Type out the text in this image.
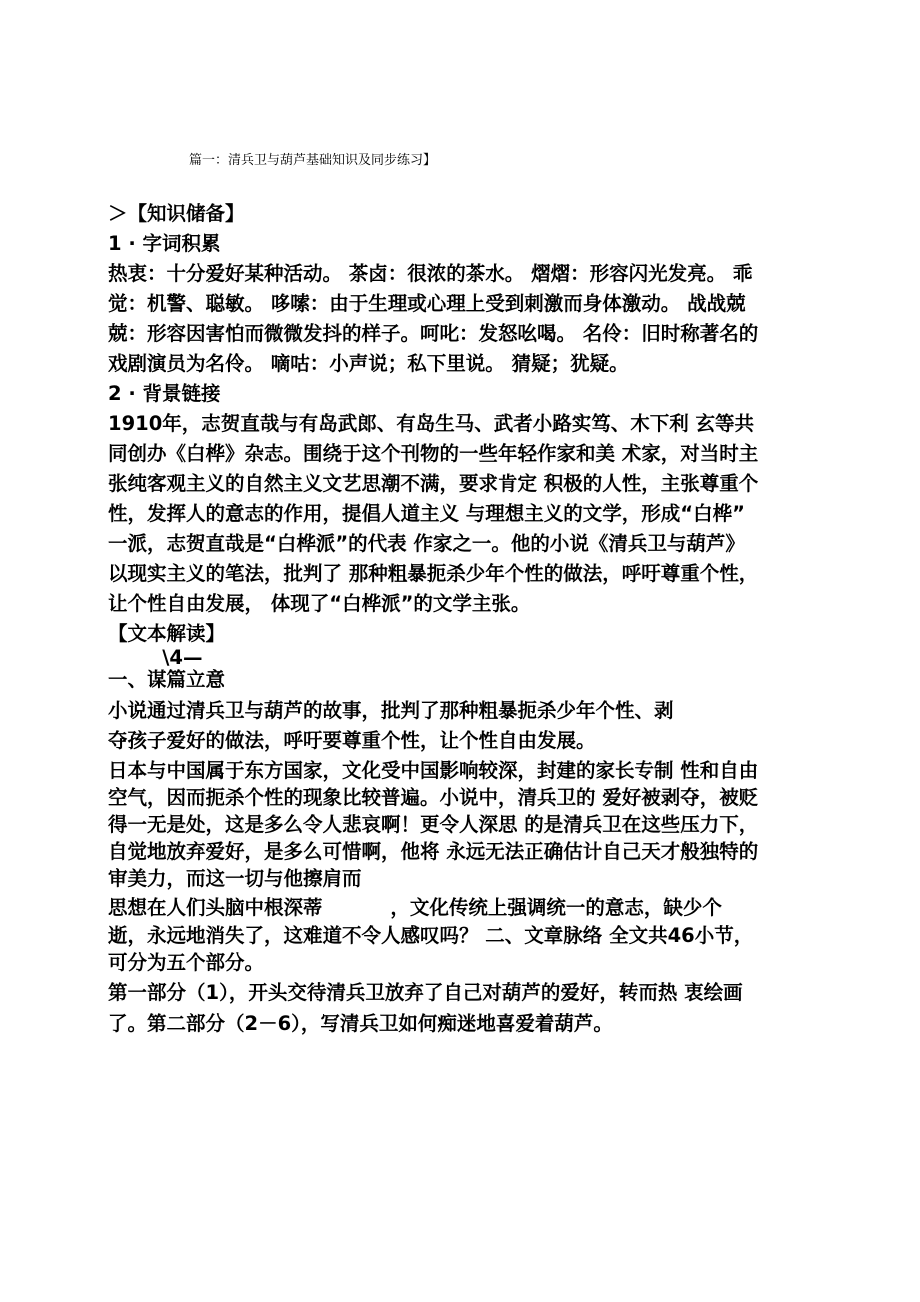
篇一：清兵卫与葫芦基础知识及同步练习】
＞【知识储备】
1 · 字词积累
热衷：十分爱好某种活动。 茶卤：很浓的茶水。 熠熠：形容闪光发亮。 乖
觉：机警、聪敏。 哆嗦：由于生理或心理上受到刺激而身体激动。 战战兢
兢：形容因害怕而微微发抖的样子。呵叱：发怒吆喝。 名伶：旧时称著名的
戏剧演员为名伶。 嘀咕：小声说；私下里说。 猜疑；犹疑。
2 · 背景链接
1910年，志贺直哉与有岛武郎、有岛生马、武者小路实笃、木下利 玄等共
同创办《白桦》杂志。围绕于这个刊物的一些年轻作家和美 术家，对当时主
张纯客观主义的自然主义文艺思潮不满，要求肯定 积极的人性，主张尊重个
性，发挥人的意志的作用，提倡人道主义 与理想主义的文学，形成“白桦”
一派，志贺直哉是“白桦派”的代表 作家之一。他的小说《清兵卫与葫芦》
以现实主义的笔法，批判了 那种粗暴扼杀少年个性的做法，呼吁尊重个性，
让个性自由发展， 体现了“白桦派”的文学主张。
【文本解读】
\4—
一、谋篇立意
小说通过清兵卫与葫芦的故事，批判了那种粗暴扼杀少年个性、剥
夺孩子爱好的做法，呼吁要尊重个性，让个性自由发展。
日本与中国属于东方国家，文化受中国影响较深，封建的家长专制 性和自由
空气，因而扼杀个性的现象比较普遍。小说中，清兵卫的 爱好被剥夺，被贬
得一无是处，这是多么令人悲哀啊！更令人深思 的是清兵卫在这些压力下，
自觉地放弃爱好，是多么可惜啊，他将 永远无法正确估计自己天才般独特的
审美力，而这一切与他擦肩而
思想在人们头脑中根深蒂          ，文化传统上强调统一的意志，缺少个
逝，永远地消失了，这难道不令人感叹吗？ 二、文章脉络 全文共46小节，
可分为五个部分。
第一部分（1），开头交待清兵卫放弃了自己对葫芦的爱好，转而热 衷绘画
了。第二部分（2－6），写清兵卫如何痴迷地喜爱着葫芦。
